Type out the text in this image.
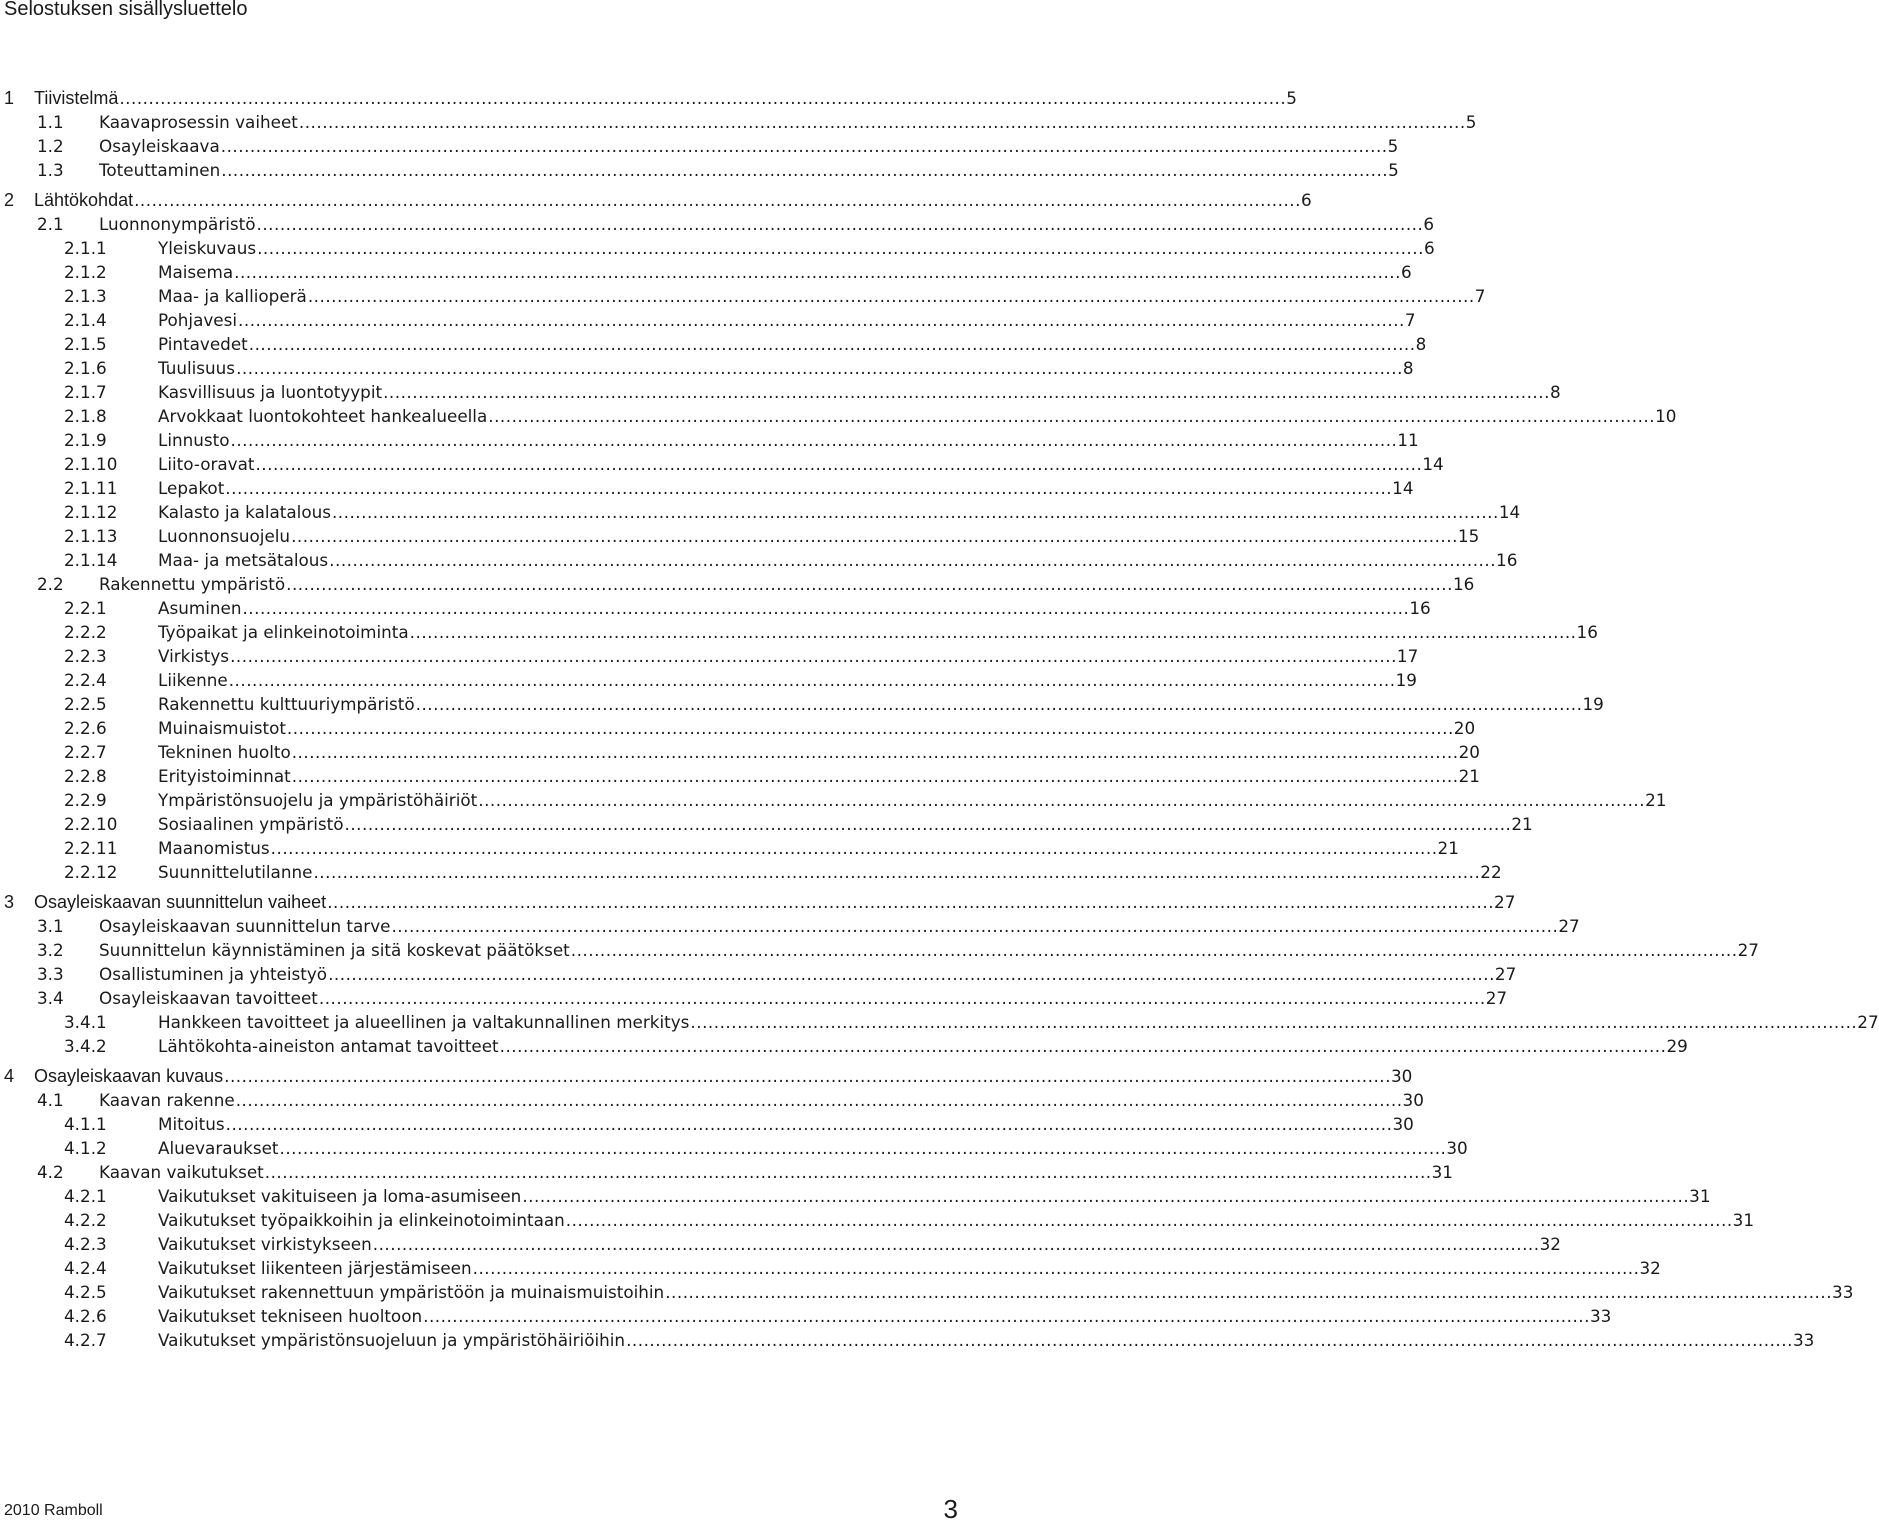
Selostuksen sisällysluettelo
1 Tiivistelmä ........................................................................................................................................................................................................ 5
1.1 Kaavaprosessin vaiheet ........................................................................................................................................................................................................ 5
1.2 Osayleiskaava ........................................................................................................................................................................................................ 5
1.3 Toteuttaminen ........................................................................................................................................................................................................ 5
2 Lähtökohdat ........................................................................................................................................................................................................ 6
2.1 Luonnonympäristö ........................................................................................................................................................................................................ 6
2.1.1	Yleiskuvaus ........................................................................................................................................................................................................ 6
2.1.2	Maisema ........................................................................................................................................................................................................ 6
2.1.3	Maa- ja kallioperä ........................................................................................................................................................................................................ 7
2.1.4	Pohjavesi ........................................................................................................................................................................................................ 7
2.1.5	Pintavedet ........................................................................................................................................................................................................ 8
2.1.6	Tuulisuus ........................................................................................................................................................................................................ 8
2.1.7	Kasvillisuus ja luontotyypit ........................................................................................................................................................................................................ 8
2.1.8	Arvokkaat luontokohteet hankealueella ........................................................................................................................................................................................................ 10
2.1.9	Linnusto ........................................................................................................................................................................................................ 11
2.1.10 Liito-oravat ........................................................................................................................................................................................................ 14
2.1.11 Lepakot ........................................................................................................................................................................................................ 14
2.1.12 Kalasto ja kalatalous ........................................................................................................................................................................................................ 14
2.1.13 Luonnonsuojelu ........................................................................................................................................................................................................ 15
2.1.14 Maa- ja metsätalous ........................................................................................................................................................................................................ 16
2.2 Rakennettu ympäristö ........................................................................................................................................................................................................ 16
2.2.1	Asuminen ........................................................................................................................................................................................................ 16
2.2.2	Työpaikat ja elinkeinotoiminta ........................................................................................................................................................................................................ 16
2.2.3	Virkistys ........................................................................................................................................................................................................ 17
2.2.4	Liikenne ........................................................................................................................................................................................................ 19
2.2.5	Rakennettu kulttuuriympäristö ........................................................................................................................................................................................................ 19
2.2.6	Muinaismuistot ........................................................................................................................................................................................................ 20
2.2.7	Tekninen huolto ........................................................................................................................................................................................................ 20
2.2.8	Erityistoiminnat ........................................................................................................................................................................................................ 21
2.2.9	Ympäristönsuojelu ja ympäristöhäiriöt ........................................................................................................................................................................................................ 21
2.2.10 Sosiaalinen ympäristö ........................................................................................................................................................................................................ 21
2.2.11 Maanomistus ........................................................................................................................................................................................................ 21
2.2.12 Suunnittelutilanne ........................................................................................................................................................................................................ 22
3 Osayleiskaavan suunnittelun vaiheet ........................................................................................................................................................................................................ 27
3.1 Osayleiskaavan suunnittelun tarve ........................................................................................................................................................................................................ 27
3.2 Suunnittelun käynnistäminen ja sitä koskevat päätökset ........................................................................................................................................................................................................ 27
3.3 Osallistuminen ja yhteistyö ........................................................................................................................................................................................................ 27
3.4 Osayleiskaavan tavoitteet ........................................................................................................................................................................................................ 27
3.4.1	Hankkeen tavoitteet ja alueellinen ja valtakunnallinen merkitys ........................................................................................................................................................................................................ 27
3.4.2	Lähtökohta-aineiston antamat tavoitteet ........................................................................................................................................................................................................ 29
4 Osayleiskaavan kuvaus ........................................................................................................................................................................................................ 30
4.1 Kaavan rakenne ........................................................................................................................................................................................................ 30
4.1.1	Mitoitus ........................................................................................................................................................................................................ 30
4.1.2	Aluevaraukset ........................................................................................................................................................................................................ 30
4.2 Kaavan vaikutukset ........................................................................................................................................................................................................ 31
4.2.1	Vaikutukset vakituiseen ja loma-asumiseen ........................................................................................................................................................................................................ 31
4.2.2	Vaikutukset työpaikkoihin ja elinkeinotoimintaan ........................................................................................................................................................................................................ 31
4.2.3	Vaikutukset virkistykseen ........................................................................................................................................................................................................ 32
4.2.4	Vaikutukset liikenteen järjestämiseen ........................................................................................................................................................................................................ 32
4.2.5	Vaikutukset rakennettuun ympäristöön ja muinaismuistoihin ........................................................................................................................................................................................................ 33
4.2.6	Vaikutukset tekniseen huoltoon ........................................................................................................................................................................................................ 33
4.2.7	Vaikutukset ympäristönsuojeluun ja ympäristöhäiriöihin ........................................................................................................................................................................................................ 33
2010 Ramboll	3
